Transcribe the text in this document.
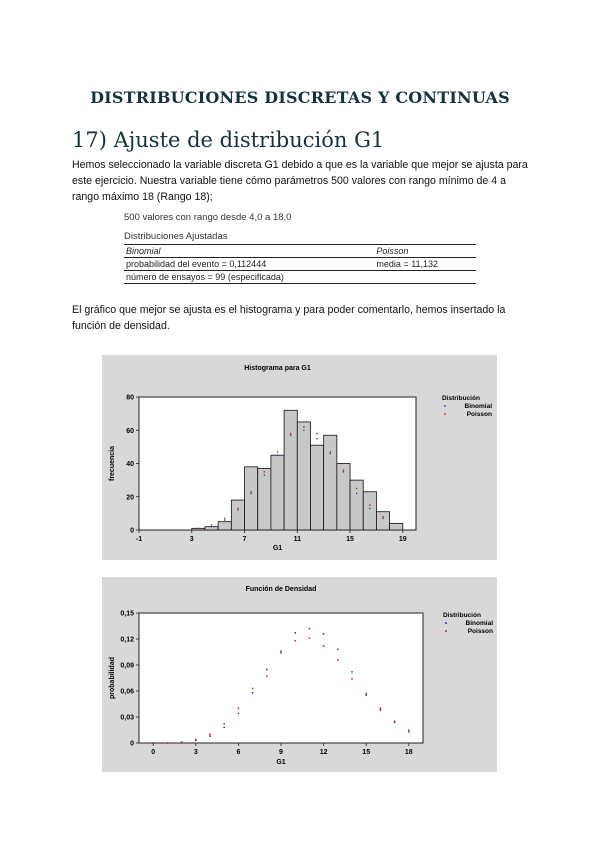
DISTRIBUCIONES DISCRETAS Y CONTINUAS
17) Ajuste de distribución G1
Hemos seleccionado la variable discreta G1 debido a que es la variable que mejor se ajusta para este ejercicio. Nuestra variable tiene cómo parámetros 500 valores con rango mínimo de 4 a rango máximo 18 (Rango 18);
500 valores con rango desde 4,0 a 18,0
Distribuciones Ajustadas
Binomial	Poisson
probabilidad del evento = 0,112444	media = 11,132
número de ensayos = 99 (especificada)	
El gráfico que mejor se ajusta es el histograma y para poder comentarlo, hemos insertado la función de densidad.
Histograma para G1
-1	3	7	11	15	19
0
20
40
60
80
G1
frecuencia
Distribución
Binomial
Poisson
Función de Densidad
0	3	6	9	12	15	18
0
0,03
0,06
0,09
0,12
0,15
G1
probabilidad
Distribución
Binomial
Poisson
